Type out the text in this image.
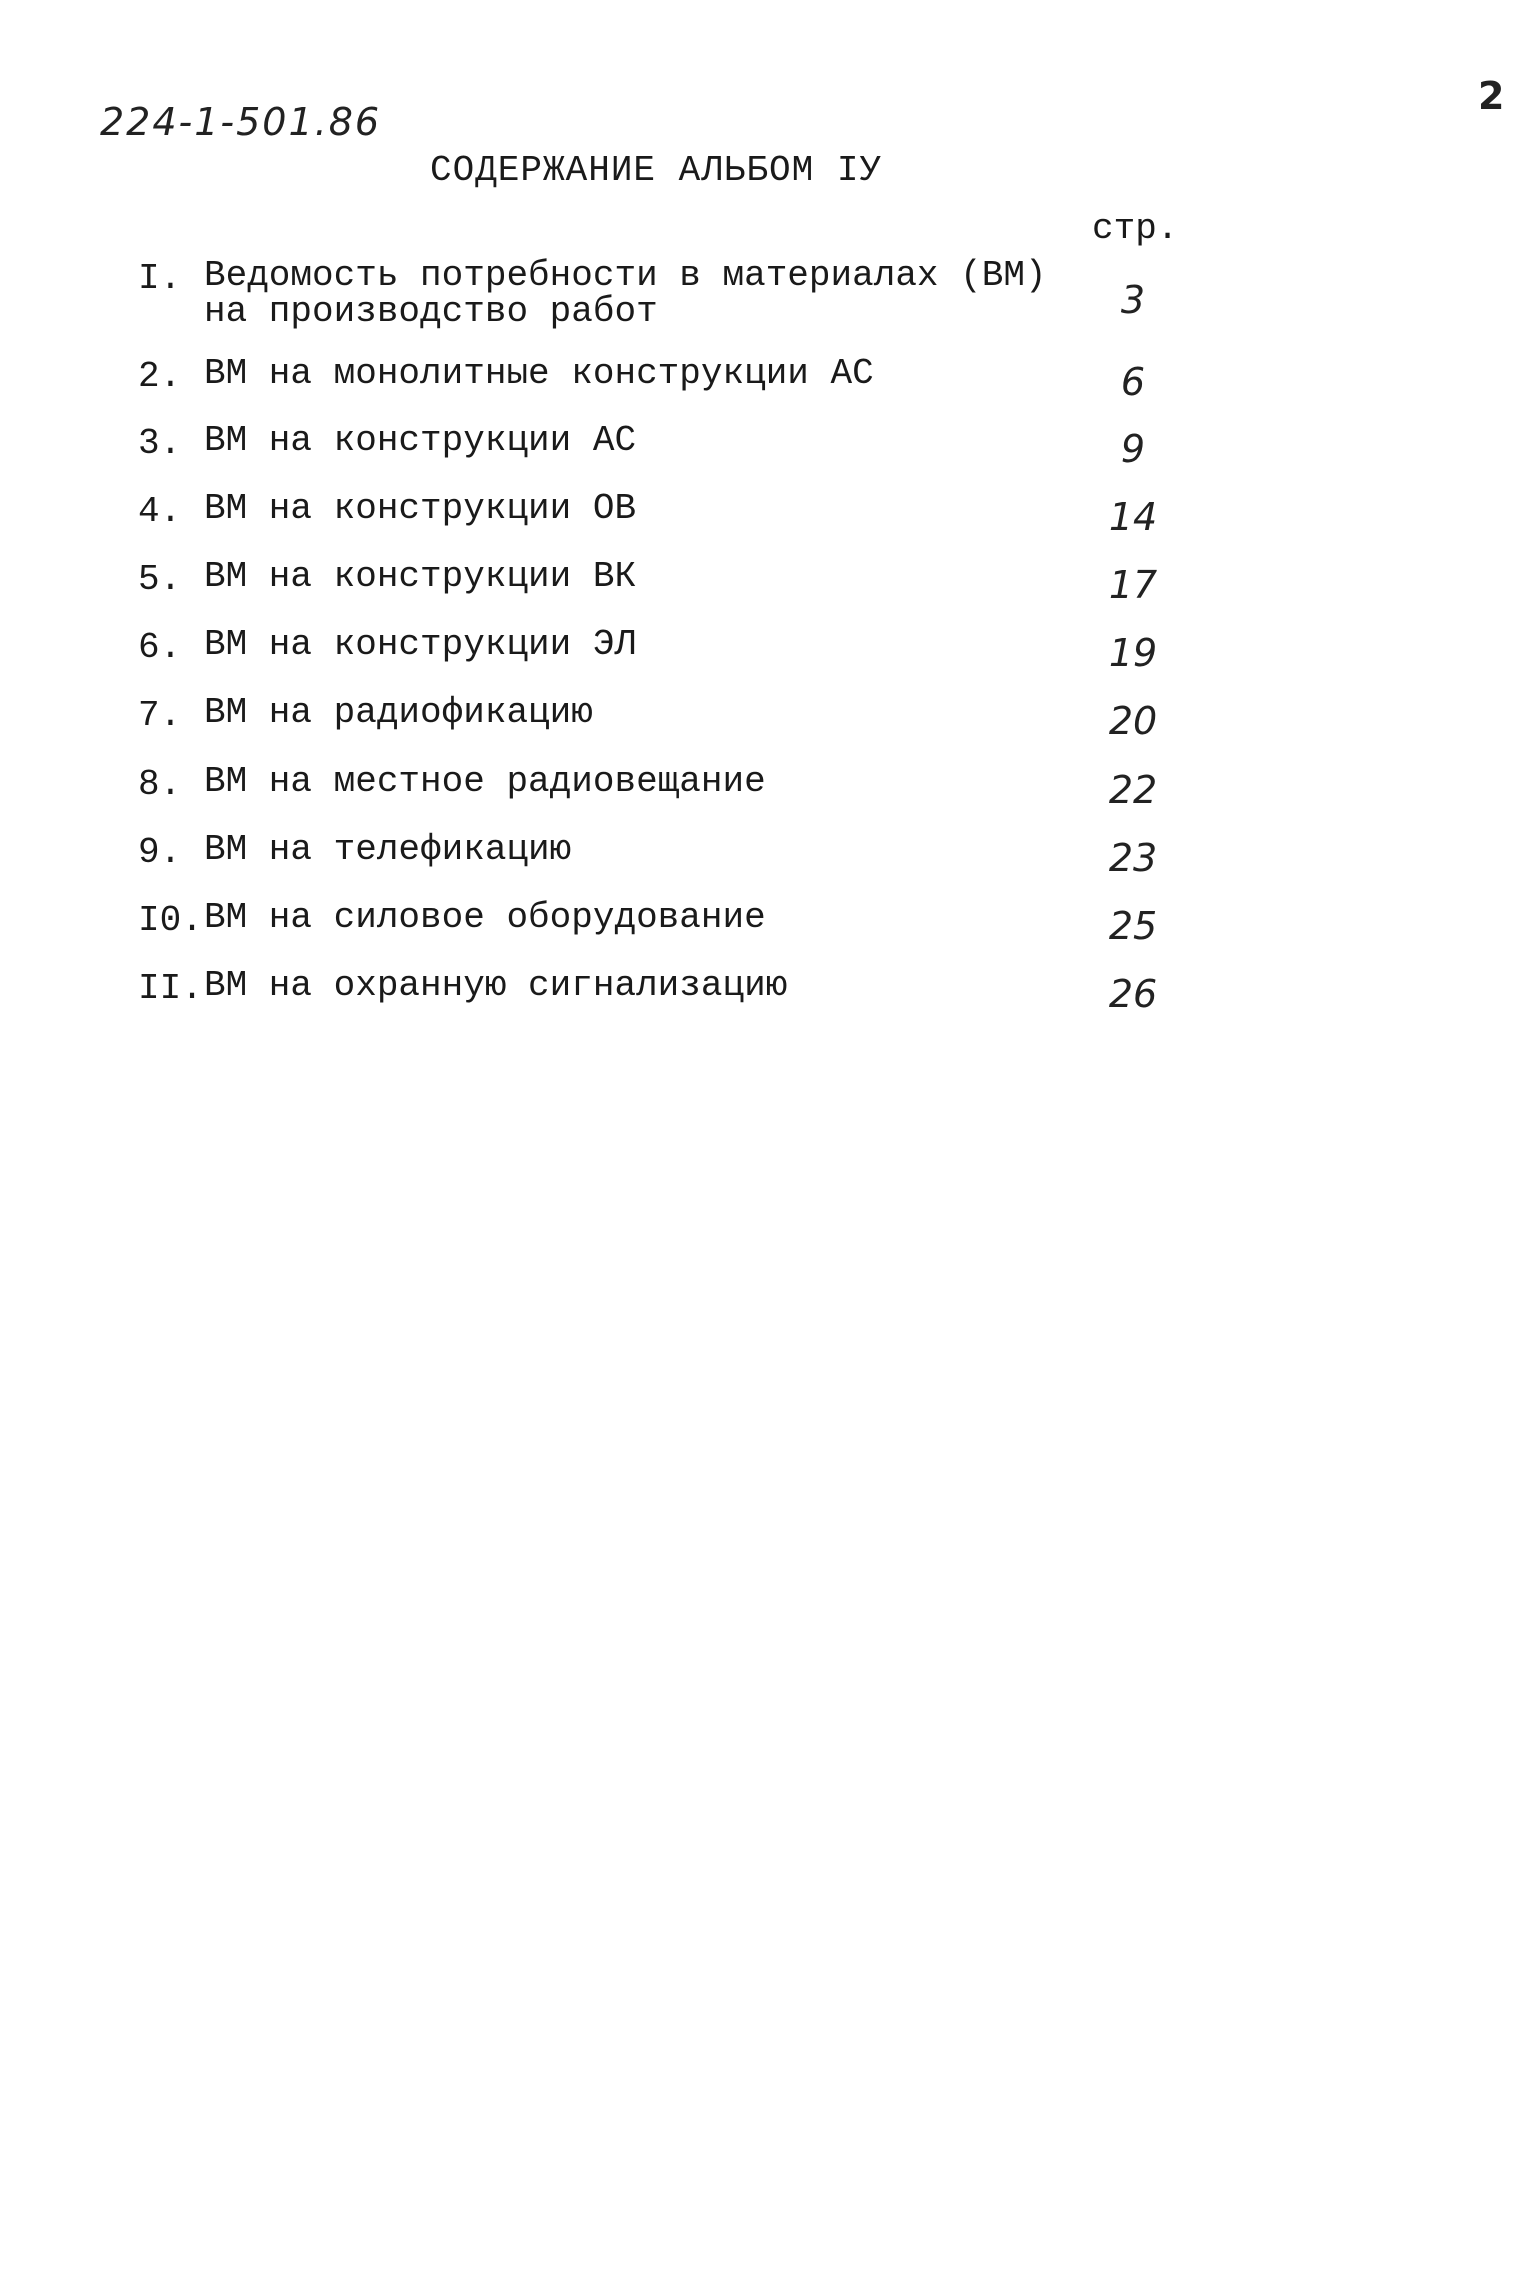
224-1-501.86
2
СОДЕРЖАНИЕ АЛЬБОМ IУ
стр.
I. Ведомость потребности в материалах (ВМ)
на производство работ	3
2. ВМ на монолитные конструкции АС	6
3. ВМ на конструкции АС	9
4. ВМ на конструкции ОВ	14
5. ВМ на конструкции ВК	17
6. ВМ на конструкции ЭЛ	19
7. ВМ на радиофикацию	20
8. ВМ на местное радиовещание	22
9. ВМ на телефикацию	23
I0. ВМ на силовое оборудование	25
II. ВМ на охранную сигнализацию	26
